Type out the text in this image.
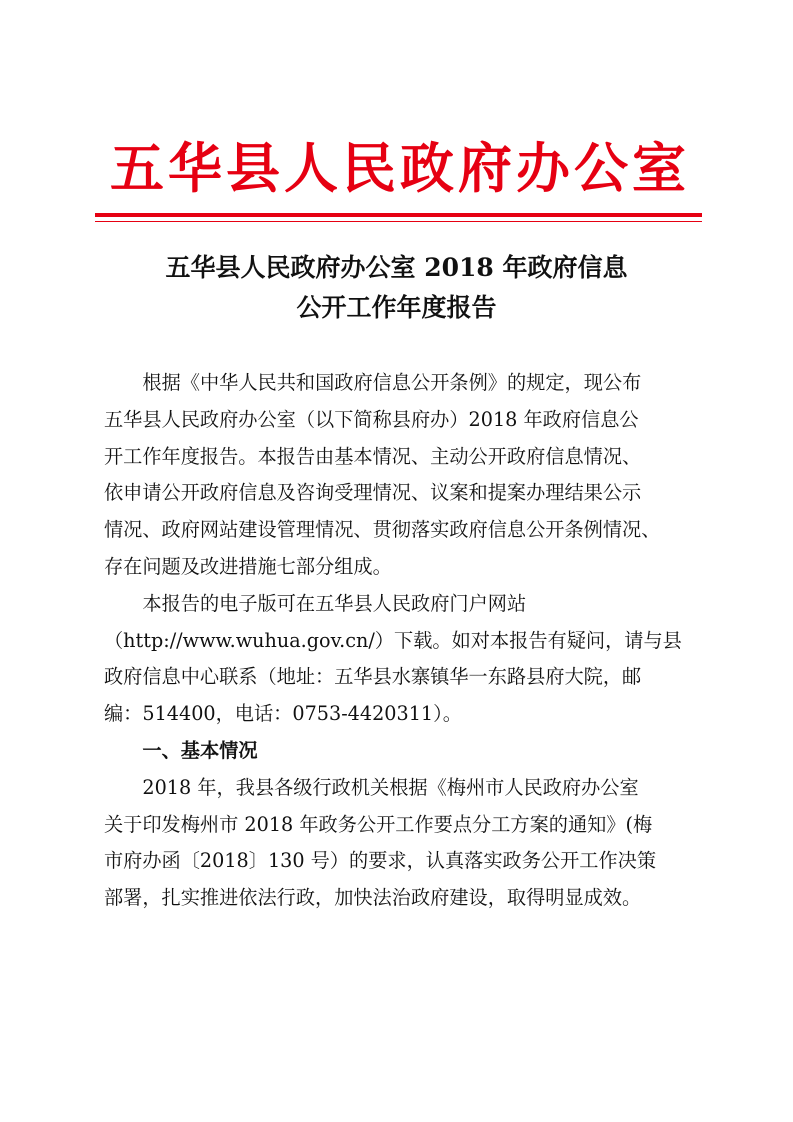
五华县人民政府办公室
五华县人民政府办公室 2018 年政府信息
公开工作年度报告

根据《中华人民共和国政府信息公开条例》的规定，现公布

五华县人民政府办公室（以下简称县府办）2018 年政府信息公
开工作年度报告。本报告由基本情况、主动公开政府信息情况、
依申请公开政府信息及咨询受理情况、议案和提案办理结果公示
情况、政府网站建设管理情况、贯彻落实政府信息公开条例情况、
存在问题及改进措施七部分组成。

本报告的电子版可在五华县人民政府门户网站

（http://www.wuhua.gov.cn/）下载。如对本报告有疑问，请与县
政府信息中心联系（地址：五华县水寨镇华一东路县府大院，邮
编：514400，电话：0753-4420311）。

一、基本情况

2018 年，我县各级行政机关根据《梅州市人民政府办公室

关于印发梅州市 2018 年政务公开工作要点分工方案的通知》(梅
市府办函〔2018〕130 号）的要求，认真落实政务公开工作决策
部署，扎实推进依法行政，加快法治政府建设，取得明显成效。
